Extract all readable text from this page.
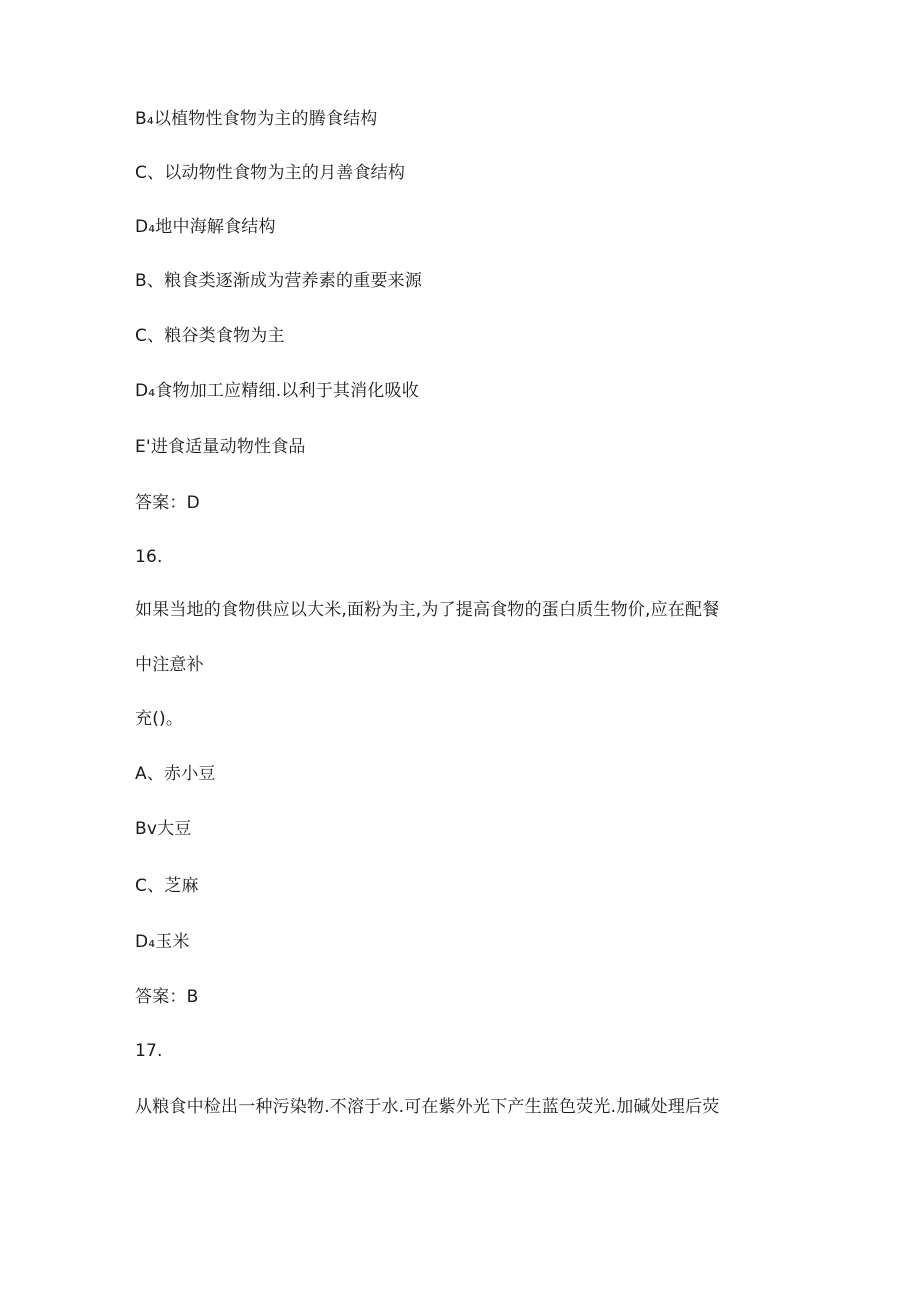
B₄以植物性食物为主的腾食结构
C、以动物性食物为主的月善食结构
D₄地中海解食结构
B、粮食类逐渐成为营养素的重要来源
C、粮谷类食物为主
D₄食物加工应精细.以利于其消化吸收
E'进食适量动物性食品
答案：D
16.
如果当地的食物供应以大米,面粉为主,为了提高食物的蛋白质生物价,应在配餐
中注意补
充()。
A、赤小豆
Bv大豆
C、芝麻
D₄玉米
答案：B
17.
从粮食中检出一种污染物.不溶于水.可在紫外光下产生蓝色荧光.加碱处理后荧
